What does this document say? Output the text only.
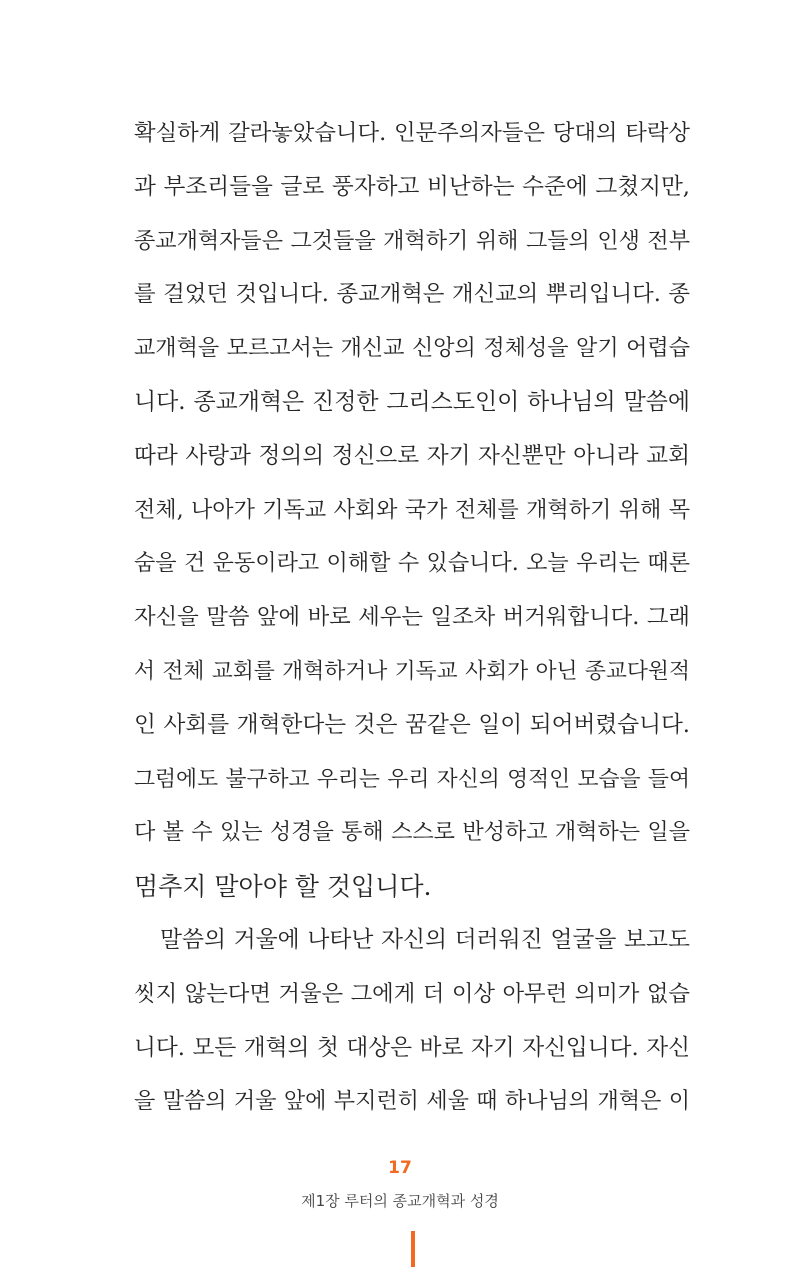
확실하게 갈라놓았습니다. 인문주의자들은 당대의 타락상
과 부조리들을 글로 풍자하고 비난하는 수준에 그쳤지만,
종교개혁자들은 그것들을 개혁하기 위해 그들의 인생 전부
를 걸었던 것입니다. 종교개혁은 개신교의 뿌리입니다. 종
교개혁을 모르고서는 개신교 신앙의 정체성을 알기 어렵습
니다. 종교개혁은 진정한 그리스도인이 하나님의 말씀에
따라 사랑과 정의의 정신으로 자기 자신뿐만 아니라 교회
전체, 나아가 기독교 사회와 국가 전체를 개혁하기 위해 목
숨을 건 운동이라고 이해할 수 있습니다. 오늘 우리는 때론
자신을 말씀 앞에 바로 세우는 일조차 버거워합니다. 그래
서 전체 교회를 개혁하거나 기독교 사회가 아닌 종교다원적
인 사회를 개혁한다는 것은 꿈같은 일이 되어버렸습니다.
그럼에도 불구하고 우리는 우리 자신의 영적인 모습을 들여
다 볼 수 있는 성경을 통해 스스로 반성하고 개혁하는 일을
멈추지 말아야 할 것입니다.
말씀의 거울에 나타난 자신의 더러워진 얼굴을 보고도
씻지 않는다면 거울은 그에게 더 이상 아무런 의미가 없습
니다. 모든 개혁의 첫 대상은 바로 자기 자신입니다. 자신
을 말씀의 거울 앞에 부지런히 세울 때 하나님의 개혁은 이
17
제1장 루터의 종교개혁과 성경
